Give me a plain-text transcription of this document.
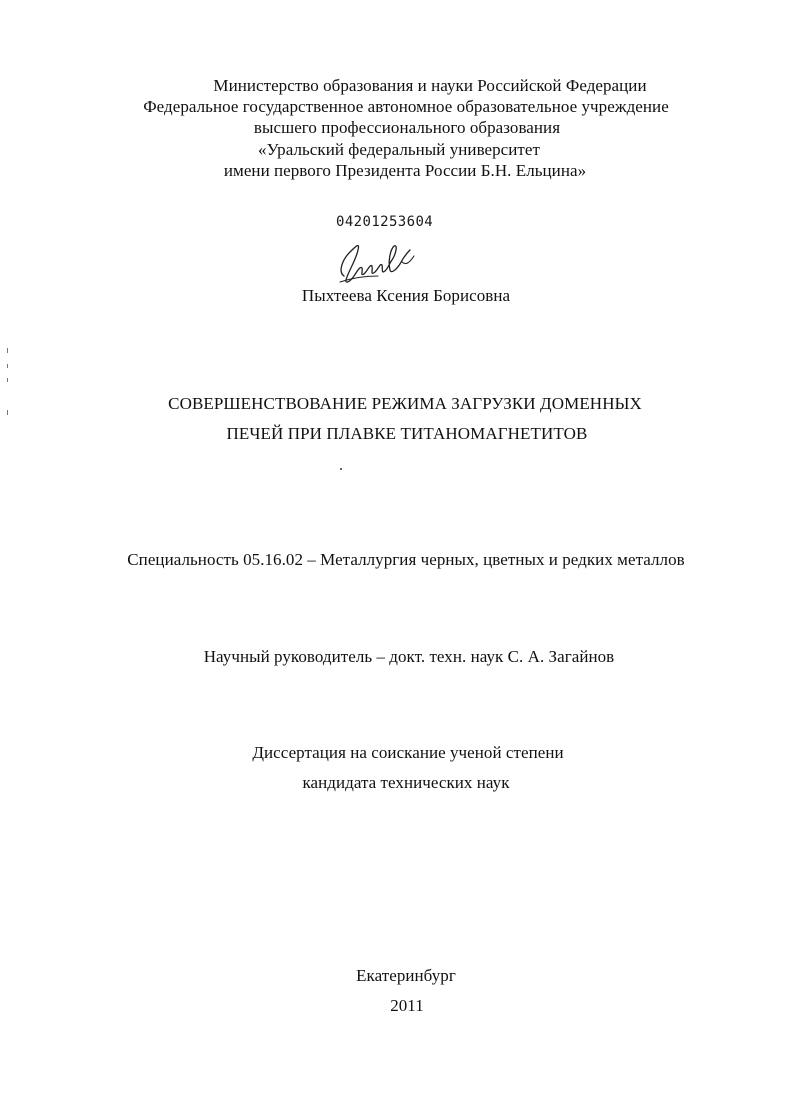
Министерство образования и науки Российской Федерации
Федеральное государственное автономное образовательное учреждение
высшего профессионального образования
«Уральский федеральный университет
имени первого Президента России Б.Н. Ельцина»
04201253604
Пыхтеева Ксения Борисовна
СОВЕРШЕНСТВОВАНИЕ РЕЖИМА ЗАГРУЗКИ ДОМЕННЫХ
ПЕЧЕЙ ПРИ ПЛАВКЕ ТИТАНОМАГНЕТИТОВ
Специальность 05.16.02 – Металлургия черных, цветных и редких металлов
Научный руководитель – докт. техн. наук С. А. Загайнов
Диссертация на соискание ученой степени
кандидата технических наук
Екатеринбург
2011
